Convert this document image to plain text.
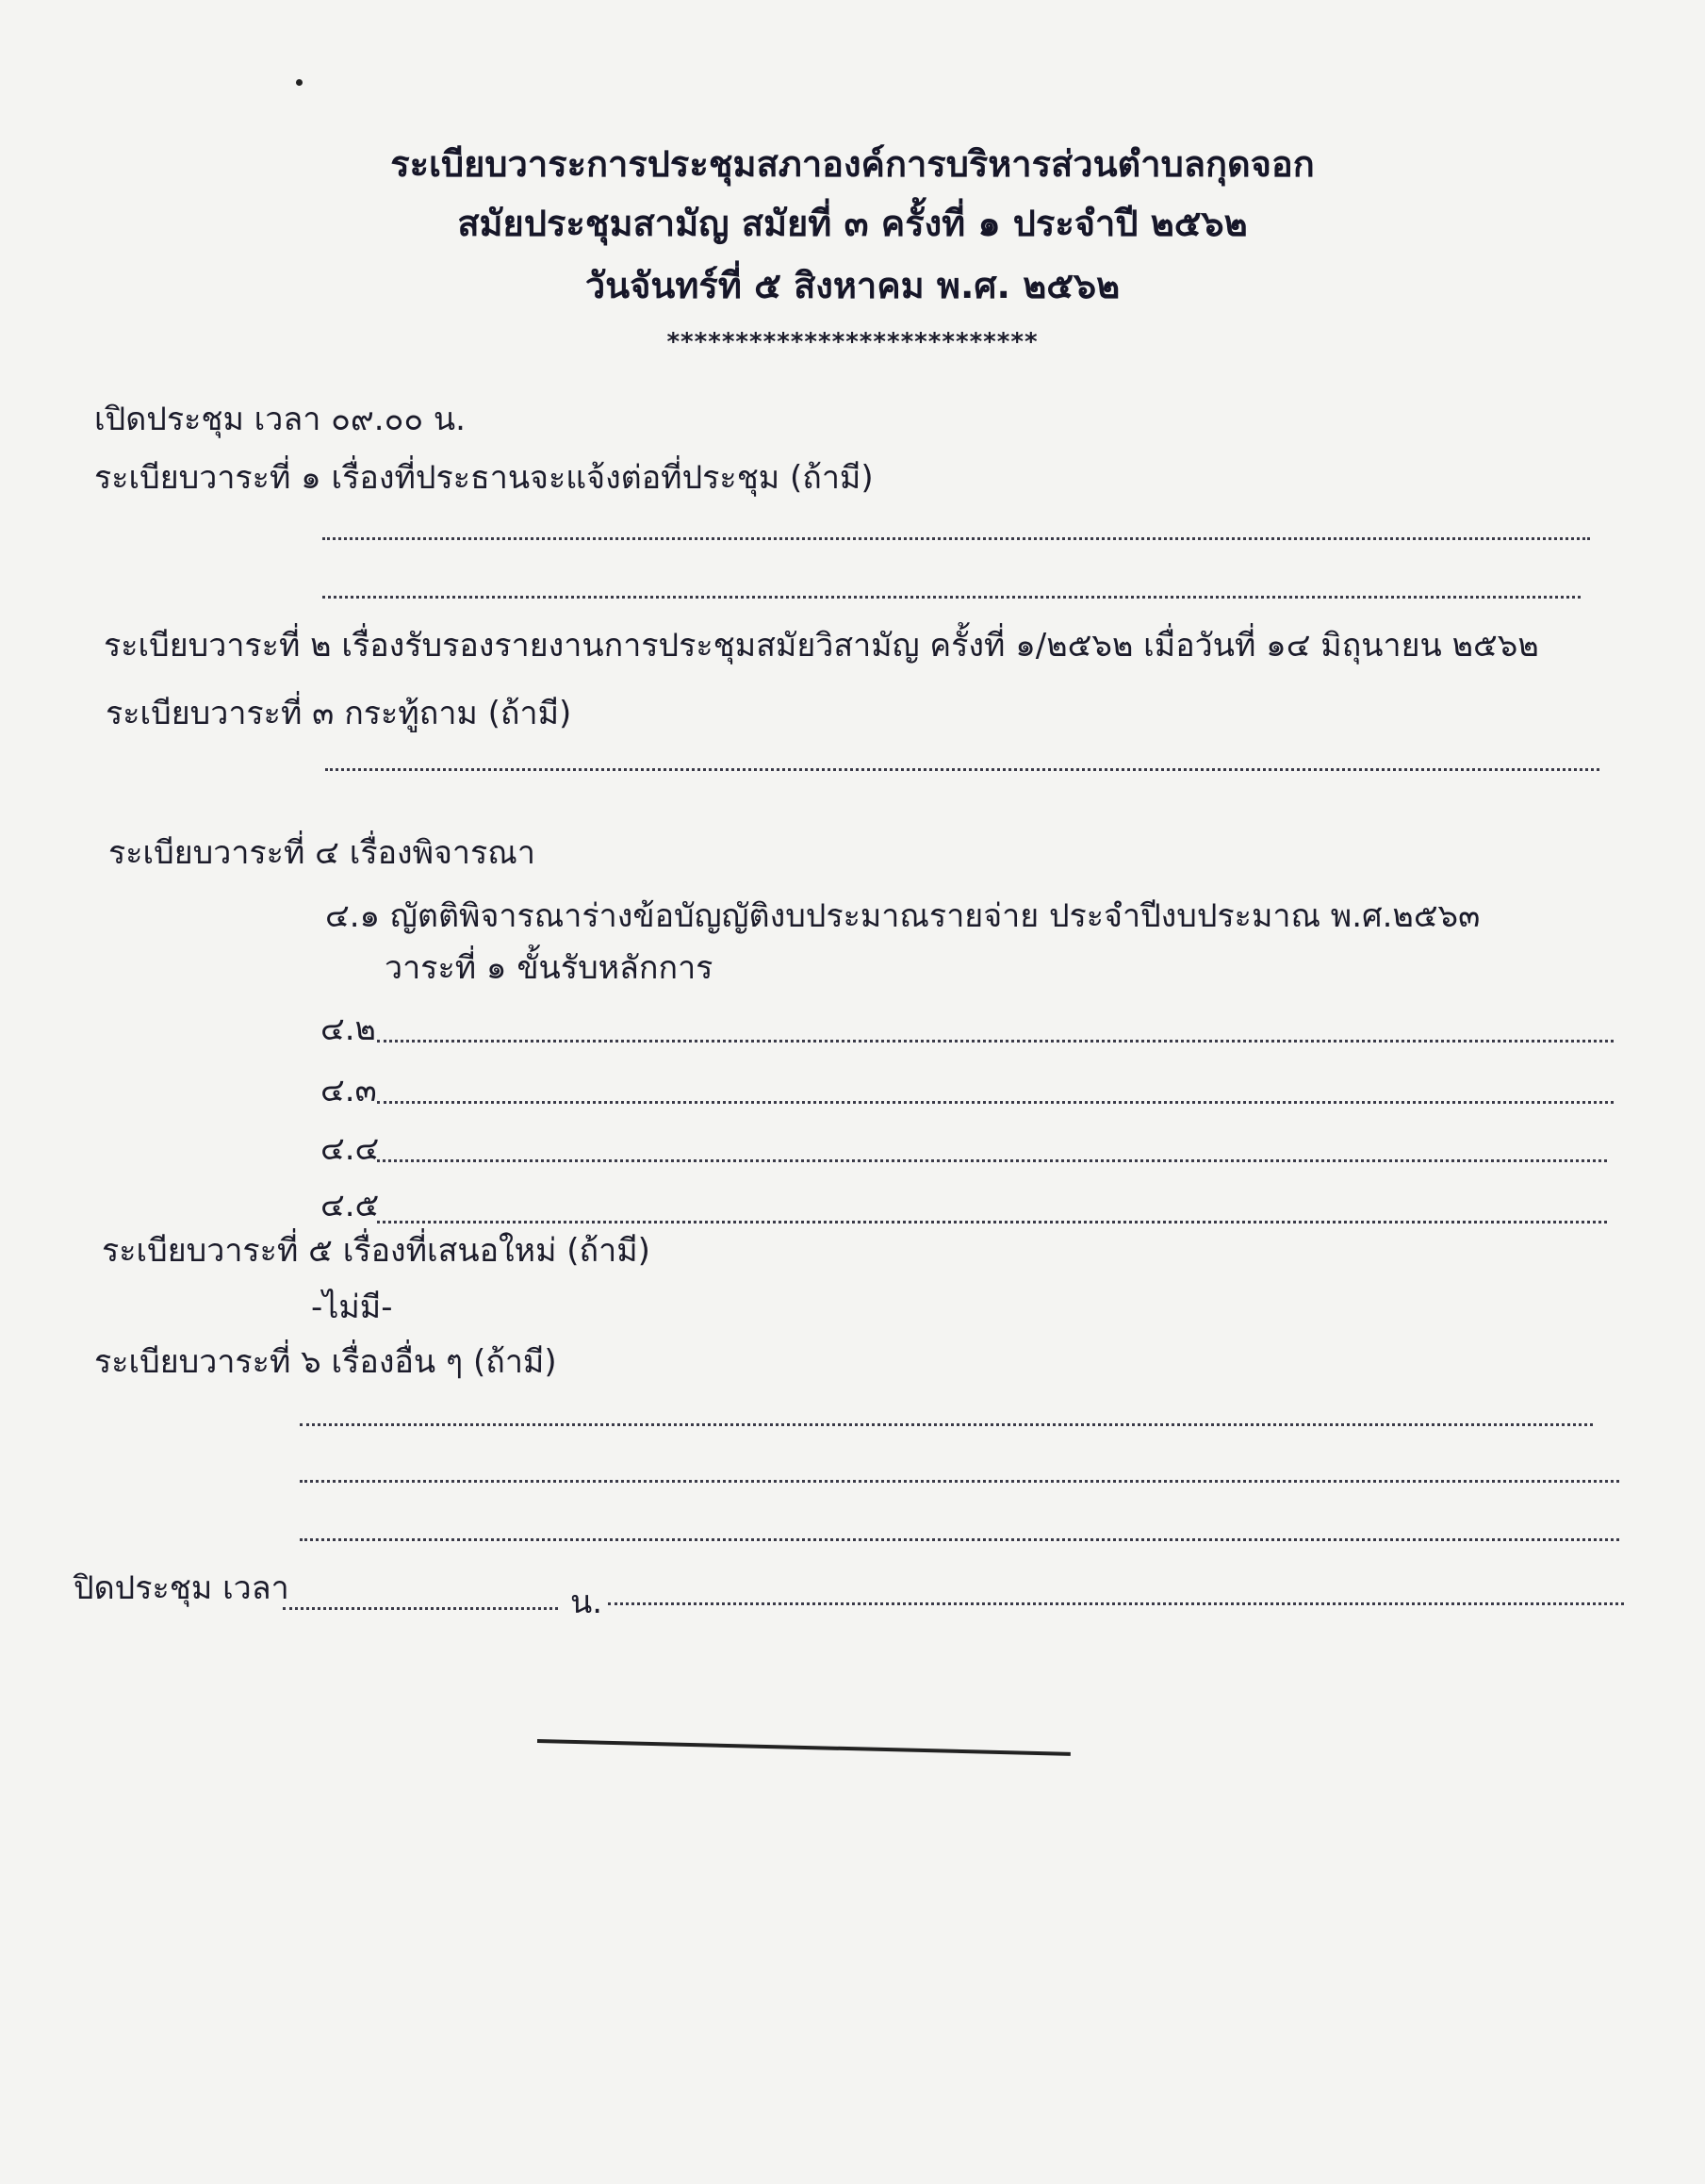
ระเบียบวาระการประชุมสภาองค์การบริหารส่วนตำบลกุดจอก
สมัยประชุมสามัญ สมัยที่ ๓ ครั้งที่ ๑ ประจำปี ๒๕๖๒
วันจันทร์ที่ ๕ สิงหาคม พ.ศ. ๒๕๖๒
***************************
เปิดประชุม เวลา ๐๙.๐๐ น.
ระเบียบวาระที่ ๑ เรื่องที่ประธานจะแจ้งต่อที่ประชุม (ถ้ามี)
ระเบียบวาระที่ ๒ เรื่องรับรองรายงานการประชุมสมัยวิสามัญ ครั้งที่ ๑/๒๕๖๒ เมื่อวันที่ ๑๔ มิถุนายน ๒๕๖๒
ระเบียบวาระที่ ๓ กระทู้ถาม (ถ้ามี)
ระเบียบวาระที่ ๔ เรื่องพิจารณา
๔.๑ ญัตติพิจารณาร่างข้อบัญญัติงบประมาณรายจ่าย ประจำปีงบประมาณ พ.ศ.๒๕๖๓
วาระที่ ๑ ขั้นรับหลักการ
๔.๒
๔.๓
๔.๔
๔.๕
ระเบียบวาระที่ ๕ เรื่องที่เสนอใหม่ (ถ้ามี)
-ไม่มี-
ระเบียบวาระที่ ๖ เรื่องอื่น ๆ (ถ้ามี)
ปิดประชุม เวลา	น.
